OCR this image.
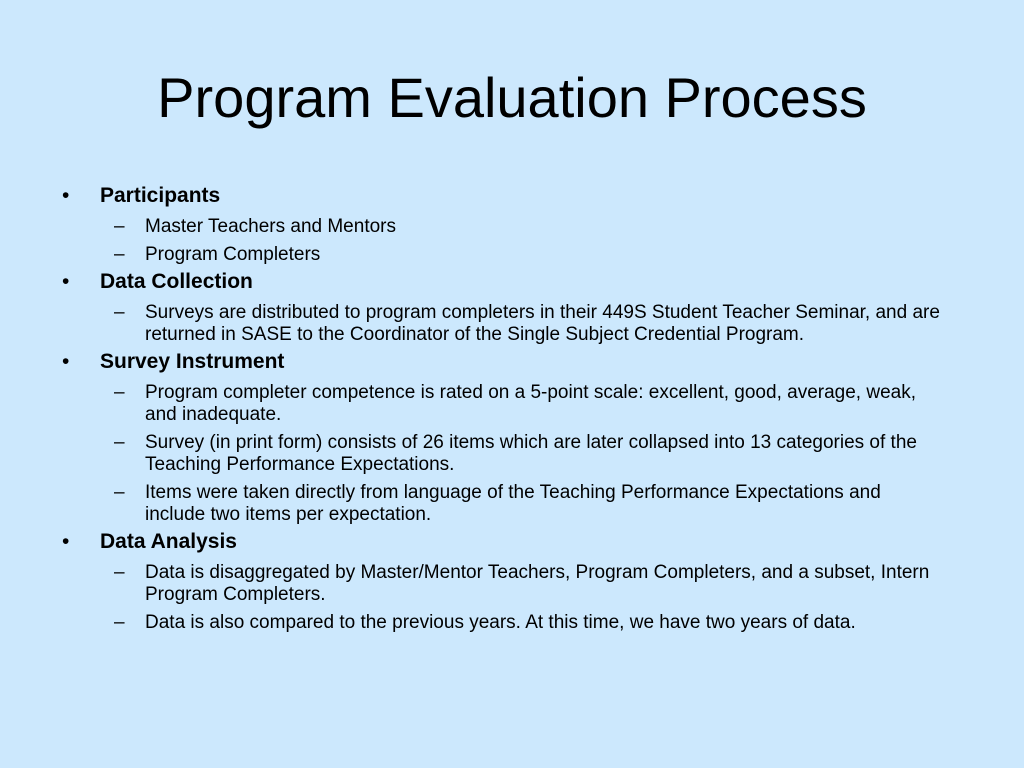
Program Evaluation Process
• Participants
– Master Teachers and Mentors
– Program Completers
• Data Collection
– Surveys are distributed to program completers in their 449S Student Teacher Seminar, and are returned in SASE to the Coordinator of the Single Subject Credential Program.
• Survey Instrument
– Program completer competence is rated on a 5-point scale: excellent, good, average, weak, and inadequate.
– Survey (in print form) consists of 26 items which are later collapsed into 13 categories of the Teaching Performance Expectations.
– Items were taken directly from language of the Teaching Performance Expectations and include two items per expectation.
• Data Analysis
– Data is disaggregated by Master/Mentor Teachers, Program Completers, and a subset, Intern Program Completers.
– Data is also compared to the previous years. At this time, we have two years of data.
